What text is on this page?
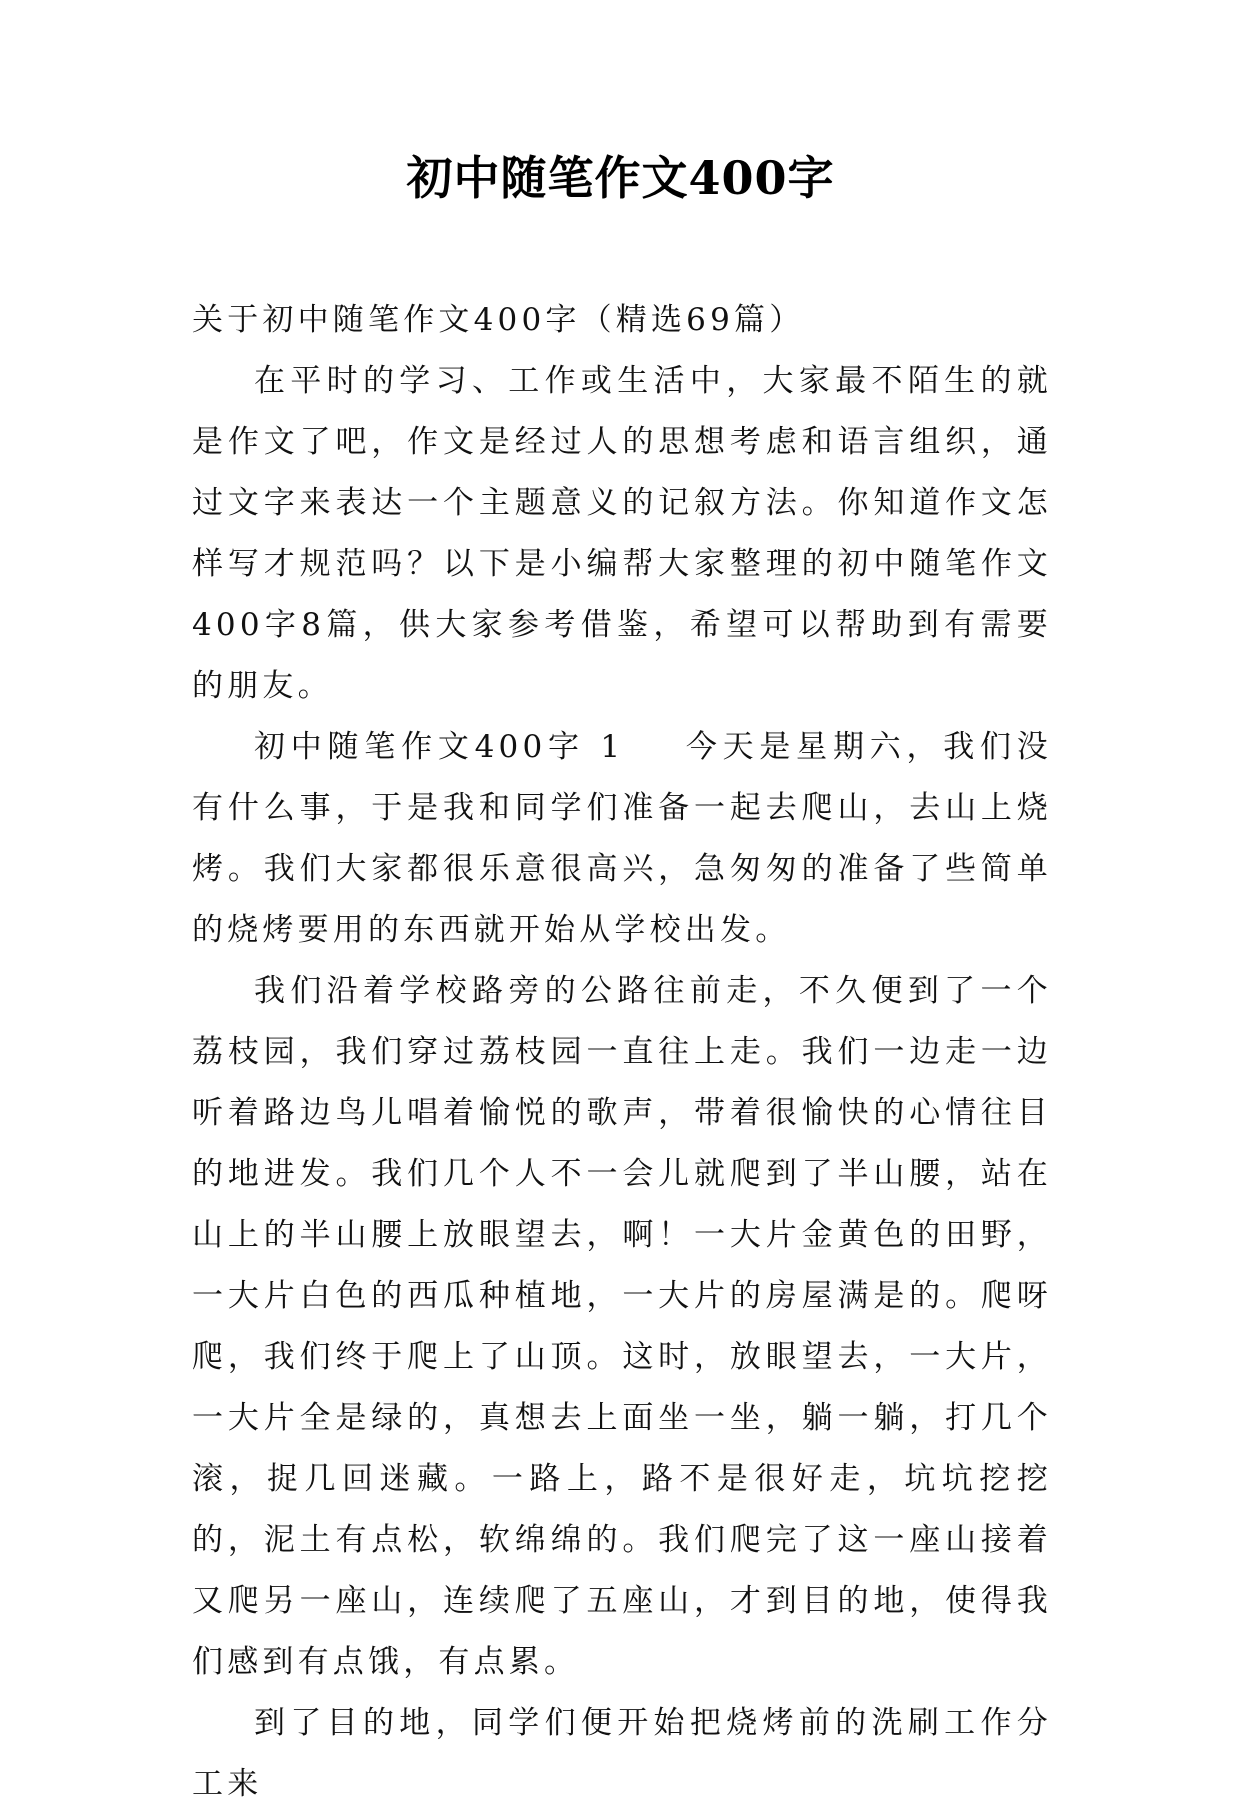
初中随笔作文400字

关于初中随笔作文400字（精选69篇）

在平时的学习、工作或生活中，大家最不陌生的就是作文了吧，作文是经过人的思想考虑和语言组织，通过文字来表达一个主题意义的记叙方法。你知道作文怎样写才规范吗？以下是小编帮大家整理的初中随笔作文400字8篇，供大家参考借鉴，希望可以帮助到有需要的朋友。

初中随笔作文400字 1 今天是星期六，我们没有什么事，于是我和同学们准备一起去爬山，去山上烧烤。我们大家都很乐意很高兴，急匆匆的准备了些简单的烧烤要用的东西就开始从学校出发。

我们沿着学校路旁的公路往前走，不久便到了一个荔枝园，我们穿过荔枝园一直往上走。我们一边走一边听着路边鸟儿唱着愉悦的歌声，带着很愉快的心情往目的地进发。我们几个人不一会儿就爬到了半山腰，站在山上的半山腰上放眼望去，啊！一大片金黄色的田野，一大片白色的西瓜种植地，一大片的房屋满是的。爬呀爬，我们终于爬上了山顶。这时，放眼望去，一大片，一大片全是绿的，真想去上面坐一坐，躺一躺，打几个滚，捉几回迷藏。一路上，路不是很好走，坑坑挖挖的，泥土有点松，软绵绵的。我们爬完了这一座山接着又爬另一座山，连续爬了五座山，才到目的地，使得我们感到有点饿，有点累。

到了目的地，同学们便开始把烧烤前的洗刷工作分工来
